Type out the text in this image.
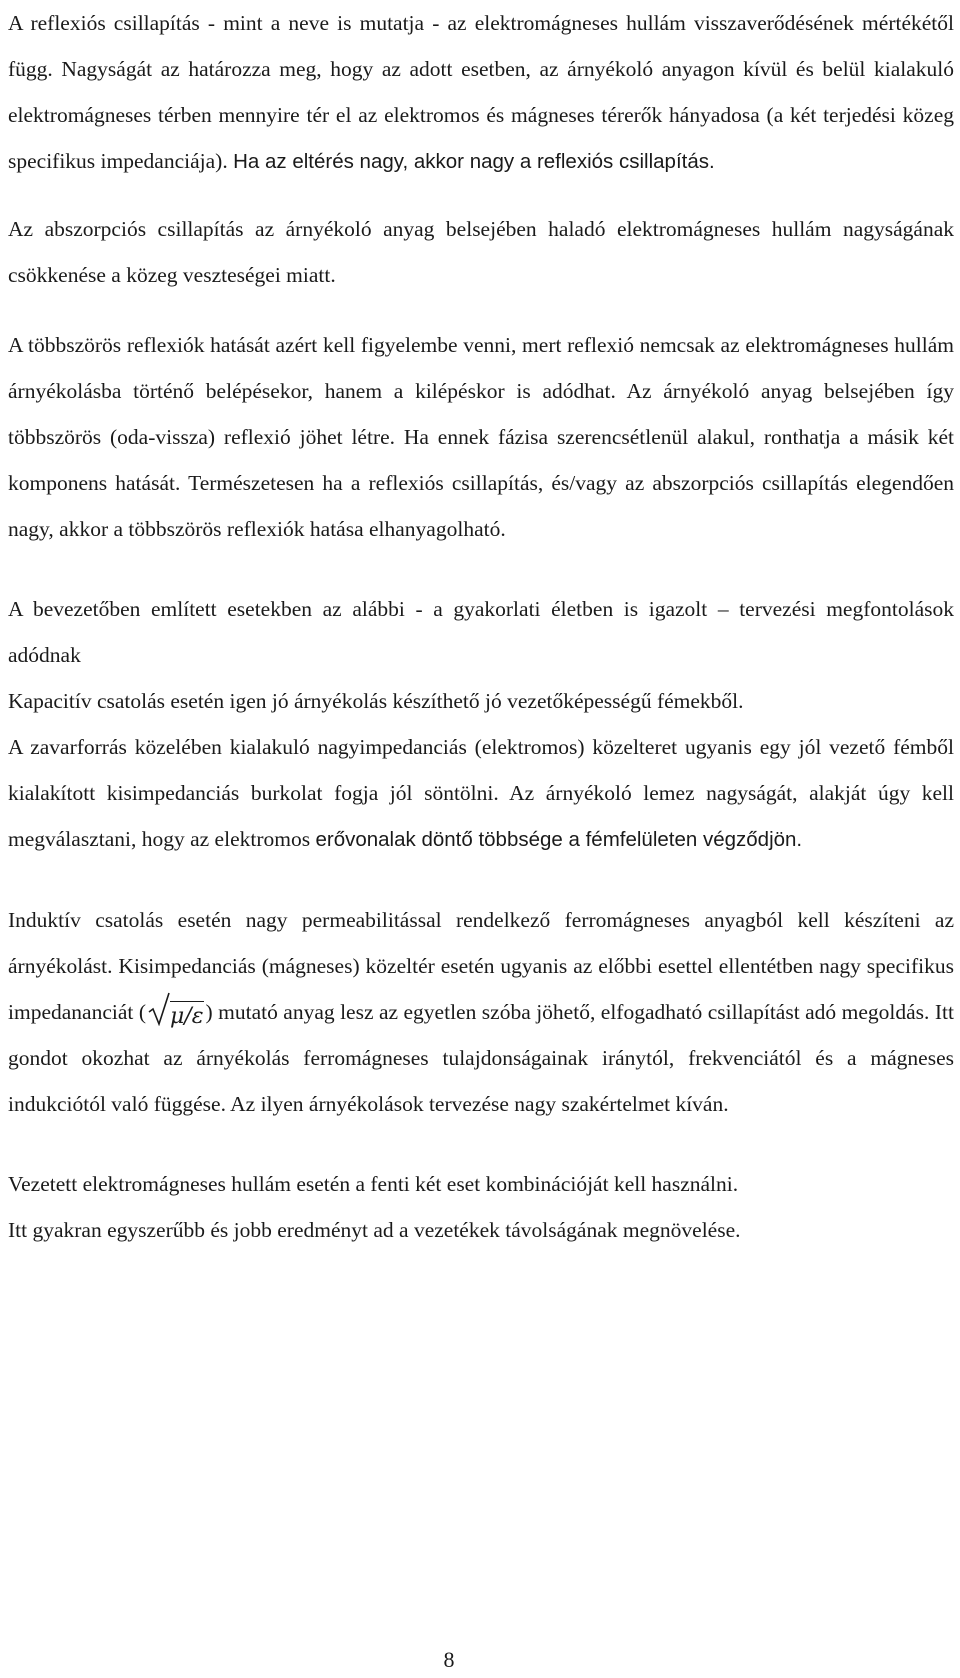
A reflexiós csillapítás - mint a neve is mutatja - az elektromágneses hullám visszaverődésének mértékétől függ. Nagyságát az határozza meg, hogy az adott esetben, az árnyékoló anyagon kívül és belül kialakuló elektromágneses térben mennyire tér el az elektromos és mágneses térerők hányadosa (a két terjedési közeg specifikus impedanciája). Ha az eltérés nagy, akkor nagy a reflexiós csillapítás.

Az abszorpciós csillapítás az árnyékoló anyag belsejében haladó elektromágneses hullám nagyságának csökkenése a közeg veszteségei miatt.

A többszörös reflexiók hatását azért kell figyelembe venni, mert reflexió nemcsak az elektromágneses hullám árnyékolásba történő belépésekor, hanem a kilépéskor is adódhat. Az árnyékoló anyag belsejében így többszörös (oda-vissza) reflexió jöhet létre. Ha ennek fázisa szerencsétlenül alakul, ronthatja a másik két komponens hatását. Természetesen ha a reflexiós csillapítás, és/vagy az abszorpciós csillapítás elegendően nagy, akkor a többszörös reflexiók hatása elhanyagolható.

A bevezetőben említett esetekben az alábbi - a gyakorlati életben is igazolt – tervezési megfontolások adódnak

Kapacitív csatolás esetén igen jó árnyékolás készíthető jó vezetőképességű fémekből.

A zavarforrás közelében kialakuló nagyimpedanciás (elektromos) közelteret ugyanis egy jól vezető fémből kialakított kisimpedanciás burkolat fogja jól söntölni. Az árnyékoló lemez nagyságát, alakját úgy kell megválasztani, hogy az elektromos erővonalak döntő többsége a fémfelületen végződjön.

Induktív csatolás esetén nagy permeabilitással rendelkező ferromágneses anyagból kell készíteni az árnyékolást. Kisimpedanciás (mágneses) közeltér esetén ugyanis az előbbi esettel ellentétben nagy specifikus impedananciát ( μ/ε) mutató anyag lesz az egyetlen szóba jöhető, elfogadható csillapítást adó megoldás. Itt gondot okozhat az árnyékolás ferromágneses tulajdonságainak iránytól, frekvenciától és a mágneses indukciótól való függése. Az ilyen árnyékolások tervezése nagy szakértelmet kíván.

Vezetett elektromágneses hullám esetén a fenti két eset kombinációját kell használni.

Itt gyakran egyszerűbb és jobb eredményt ad a vezetékek távolságának megnövelése.

8
